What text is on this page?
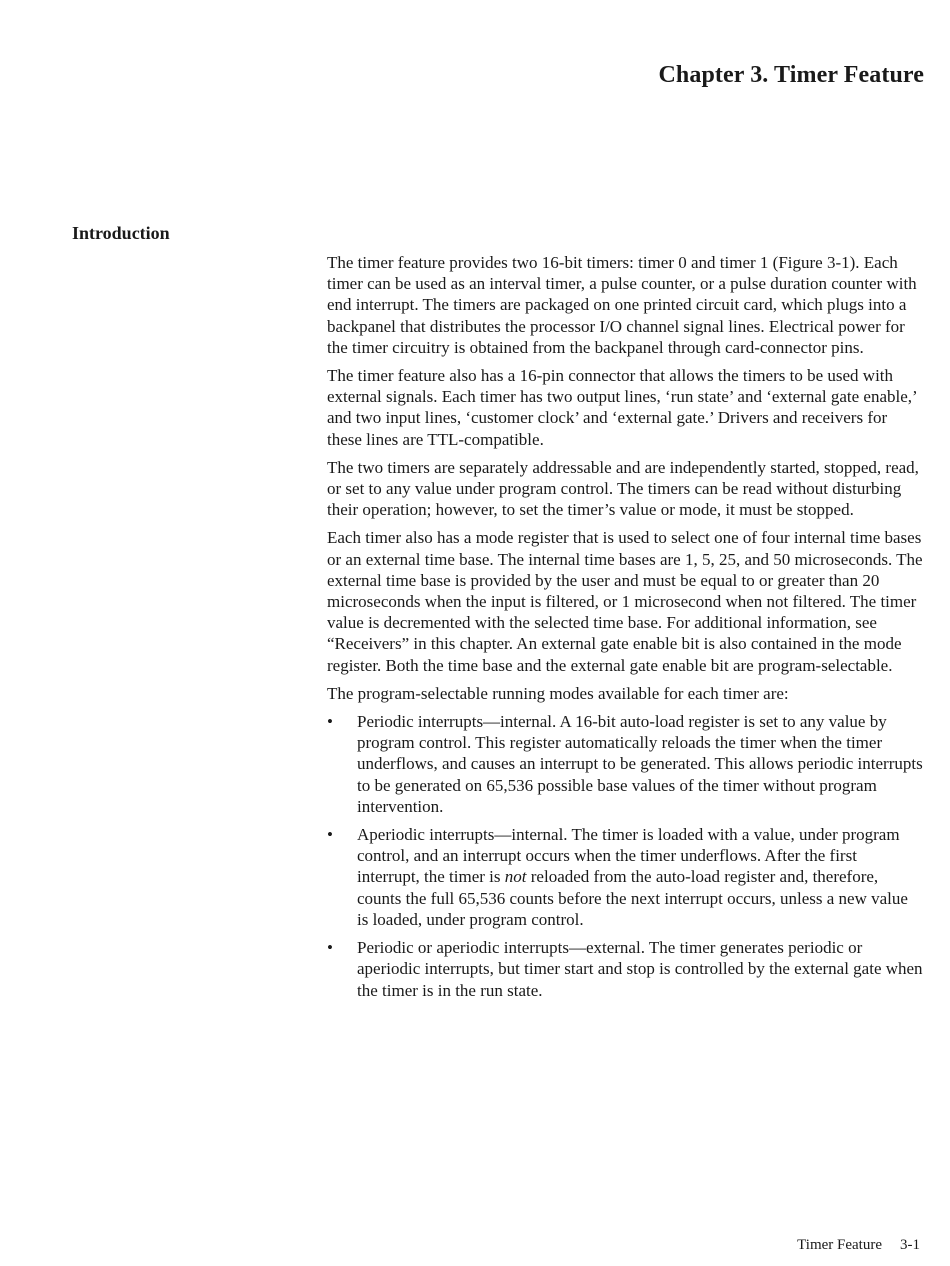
Chapter 3. Timer Feature
Introduction

The timer feature provides two 16-bit timers: timer 0 and timer 1 (Figure 3-1). Each timer can be used as an interval timer, a pulse counter, or a pulse duration counter with end interrupt. The timers are packaged on one printed circuit card, which plugs into a backpanel that distributes the processor I/O channel signal lines. Electrical power for the timer circuitry is obtained from the backpanel through card-connector pins.

The timer feature also has a 16-pin connector that allows the timers to be used with external signals. Each timer has two output lines, ‘run state’ and ‘external gate enable,’ and two input lines, ‘customer clock’ and ‘external gate.’ Drivers and receivers for these lines are TTL-compatible.

The two timers are separately addressable and are independently started, stopped, read, or set to any value under program control. The timers can be read without disturbing their operation; however, to set the timer’s value or mode, it must be stopped.

Each timer also has a mode register that is used to select one of four internal time bases or an external time base. The internal time bases are 1, 5, 25, and 50 microseconds. The external time base is provided by the user and must be equal to or greater than 20 microseconds when the input is filtered, or 1 microsecond when not filtered. The timer value is decremented with the selected time base. For additional information, see “Receivers” in this chapter. An external gate enable bit is also contained in the mode register. Both the time base and the external gate enable bit are program-selectable.

The program-selectable running modes available for each timer are:

• Periodic interrupts—internal. A 16-bit auto-load register is set to any value by program control. This register automatically reloads the timer when the timer underflows, and causes an interrupt to be generated. This allows periodic interrupts to be generated on 65,536 possible base values of the timer without program intervention.
• Aperiodic interrupts—internal. The timer is loaded with a value, under program control, and an interrupt occurs when the timer underflows. After the first interrupt, the timer is not reloaded from the auto-load register and, therefore, counts the full 65,536 counts before the next interrupt occurs, unless a new value is loaded, under program control.
• Periodic or aperiodic interrupts—external. The timer generates periodic or aperiodic interrupts, but timer start and stop is controlled by the external gate when the timer is in the run state.
Timer Feature 3-1
